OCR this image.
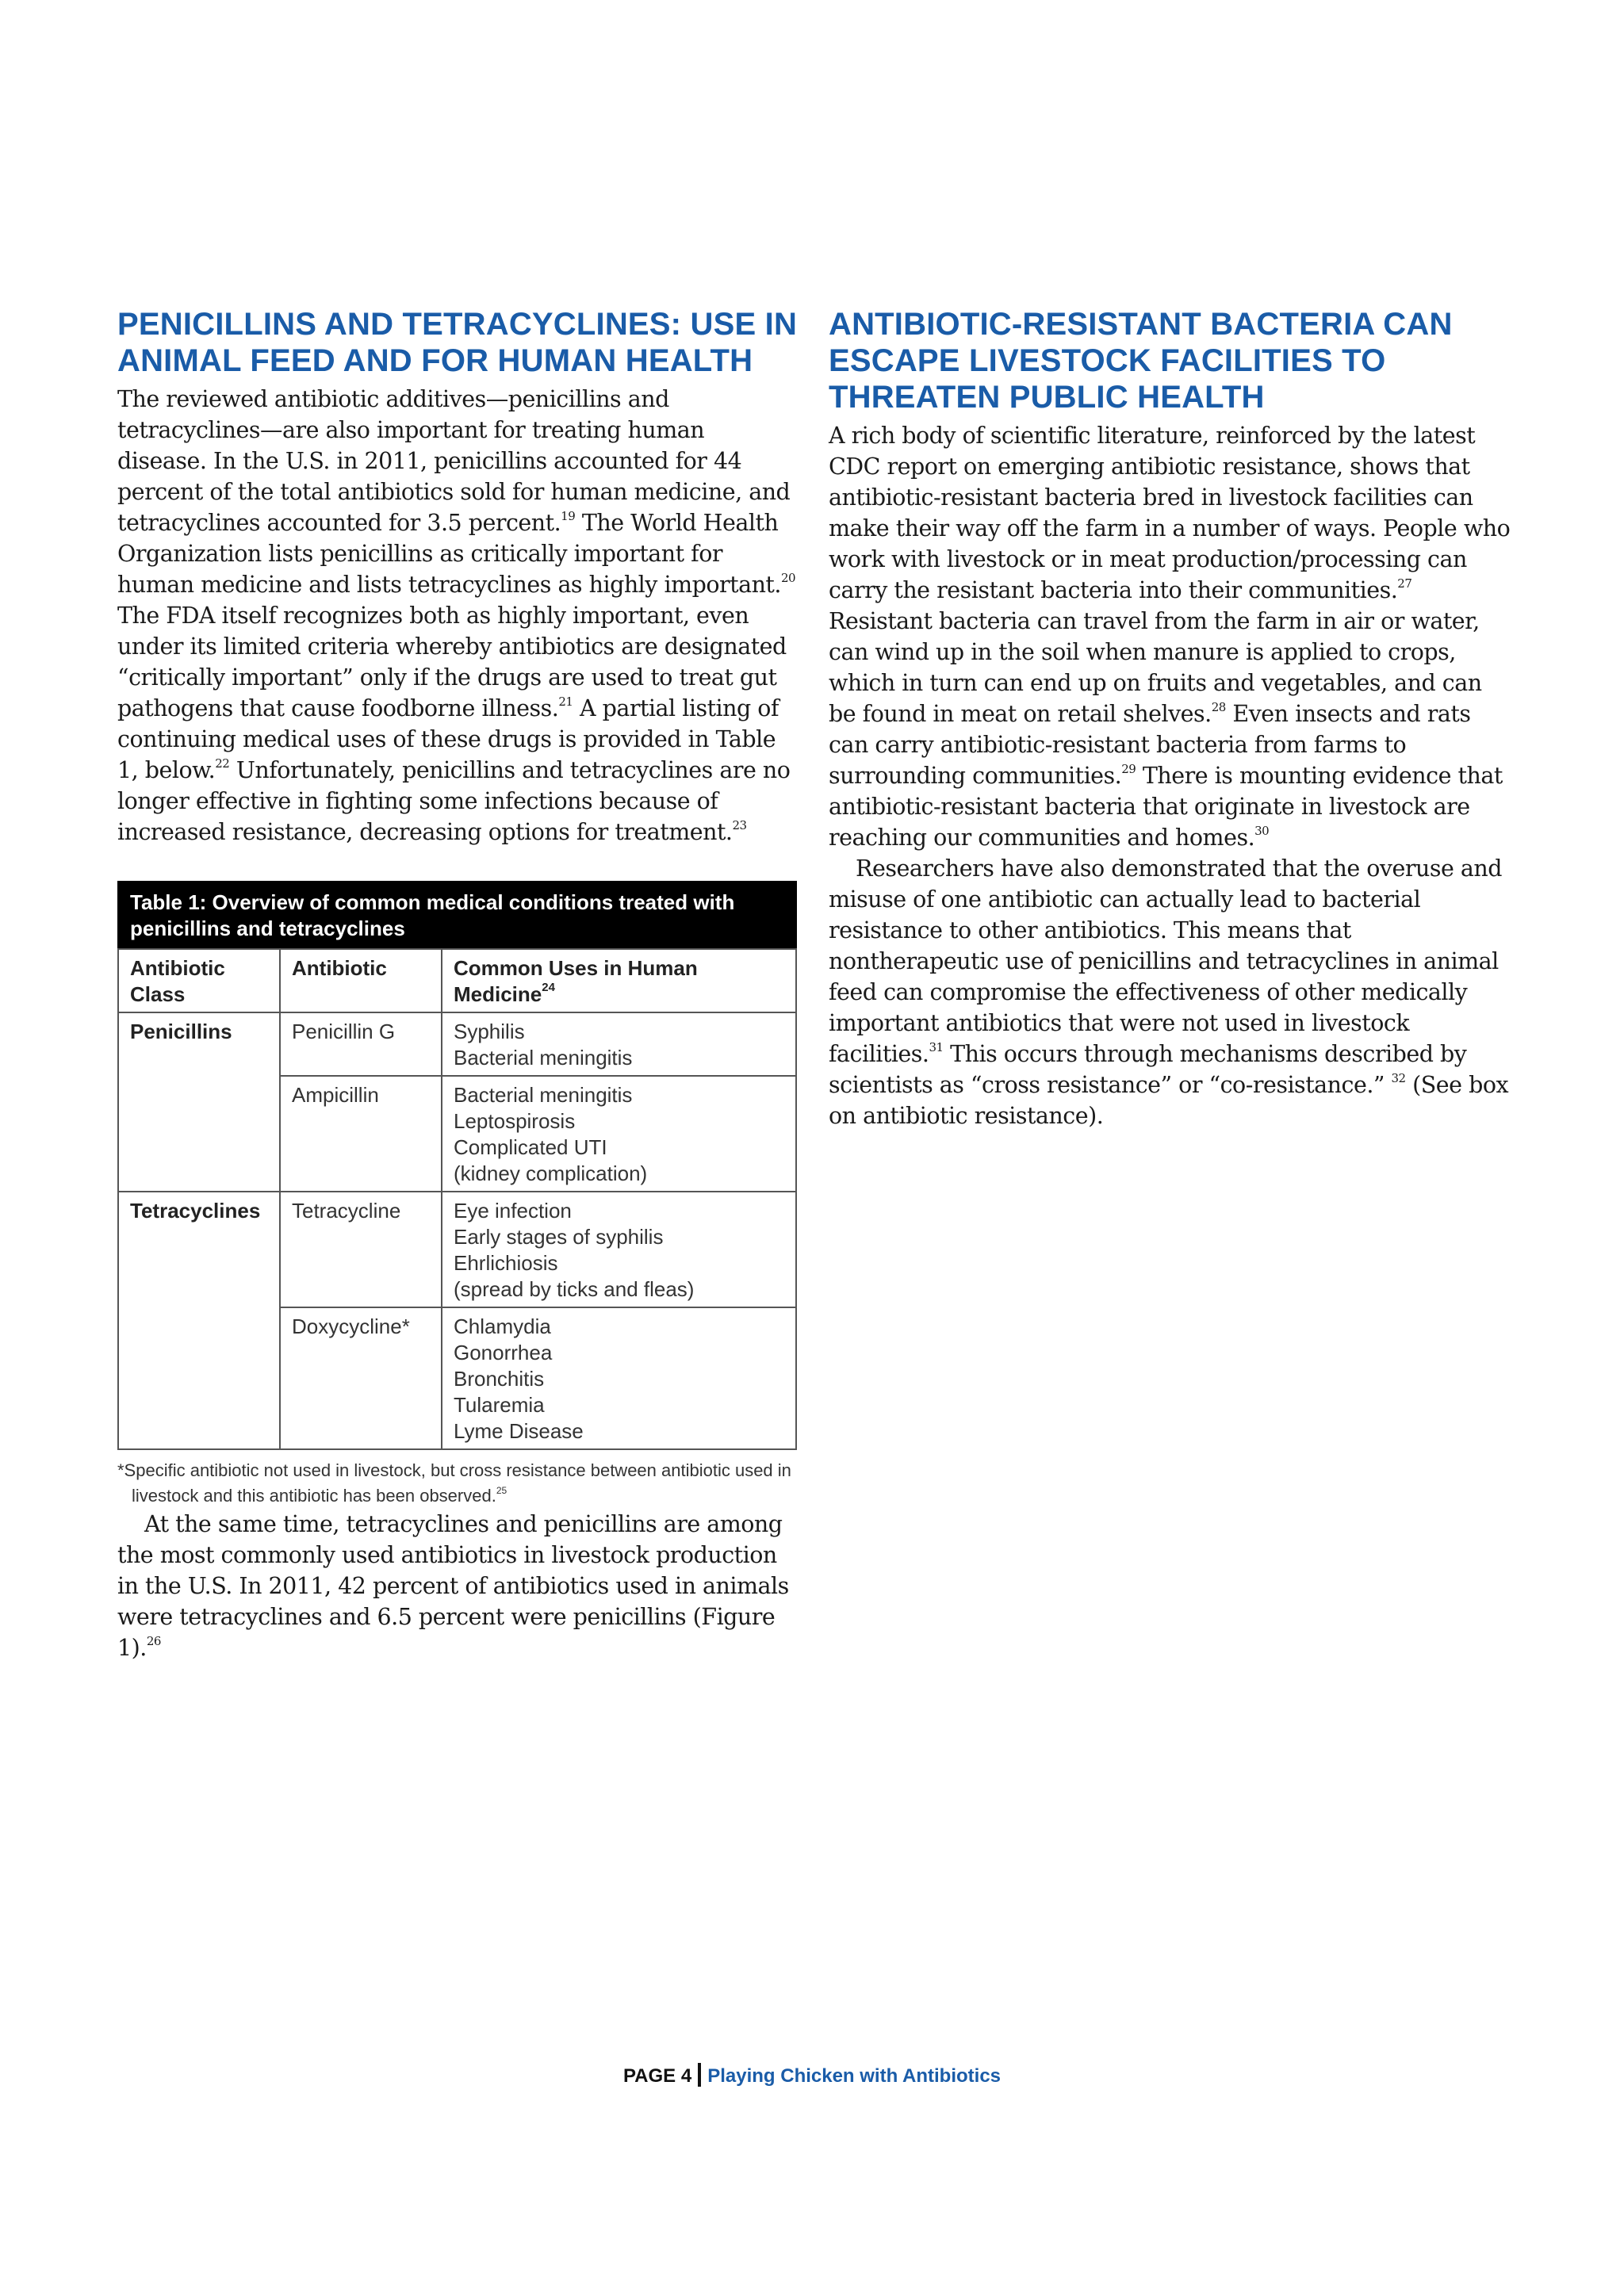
PENICILLINS AND TETRACYCLINES: USE IN ANIMAL FEED AND FOR HUMAN HEALTH

The reviewed antibiotic additives—penicillins and tetracyclines—are also important for treating human disease. In the U.S. in 2011, penicillins accounted for 44 percent of the total antibiotics sold for human medicine, and tetracyclines accounted for 3.5 percent.$^{19}$ The World Health Organization lists penicillins as critically important for human medicine and lists tetracyclines as highly important.$^{20}$ The FDA itself recognizes both as highly important, even under its limited criteria whereby antibiotics are designated “critically important” only if the drugs are used to treat gut pathogens that cause foodborne illness.$^{21}$ A partial listing of continuing medical uses of these drugs is provided in Table 1, below.$^{22}$ Unfortunately, penicillins and tetracyclines are no longer effective in fighting some infections because of increased resistance, decreasing options for treatment.$^{23}$

Table 1: Overview of common medical conditions treated with penicillins and tetracyclines
Antibiotic Class	Antibiotic	Common Uses in Human Medicine$^{24}$
Penicillins	Penicillin G	Syphilis
Bacterial meningitis

	Ampicillin	Bacterial meningitis
Leptospirosis
Complicated UTI
(kidney complication)

Tetracyclines	Tetracycline	Eye infection
Early stages of syphilis
Ehrlichiosis
(spread by ticks and fleas)

	Doxycycline*	Chlamydia
Gonorrhea
Bronchitis
Tularemia
Lyme Disease
*Specific antibiotic not used in livestock, but cross resistance between antibiotic used in livestock and this antibiotic has been observed.$^{25}$

At the same time, tetracyclines and penicillins are among the most commonly used antibiotics in livestock production in the U.S. In 2011, 42 percent of antibiotics used in animals were tetracyclines and 6.5 percent were penicillins (Figure 1).$^{26}$

ANTIBIOTIC-RESISTANT BACTERIA CAN ESCAPE LIVESTOCK FACILITIES TO THREATEN PUBLIC HEALTH

A rich body of scientific literature, reinforced by the latest CDC report on emerging antibiotic resistance, shows that antibiotic-resistant bacteria bred in livestock facilities can make their way off the farm in a number of ways. People who work with livestock or in meat production/processing can carry the resistant bacteria into their communities.$^{27}$ Resistant bacteria can travel from the farm in air or water, can wind up in the soil when manure is applied to crops, which in turn can end up on fruits and vegetables, and can be found in meat on retail shelves.$^{28}$ Even insects and rats can carry antibiotic-resistant bacteria from farms to surrounding communities.$^{29}$ There is mounting evidence that antibiotic-resistant bacteria that originate in livestock are reaching our communities and homes.$^{30}$

Researchers have also demonstrated that the overuse and misuse of one antibiotic can actually lead to bacterial resistance to other antibiotics. This means that nontherapeutic use of penicillins and tetracyclines in animal feed can compromise the effectiveness of other medically important antibiotics that were not used in livestock facilities.$^{31}$ This occurs through mechanisms described by scientists as “cross resistance” or “co-resistance.” $^{32}$ (See box on antibiotic resistance).

PAGE 4 Playing Chicken with Antibiotics
